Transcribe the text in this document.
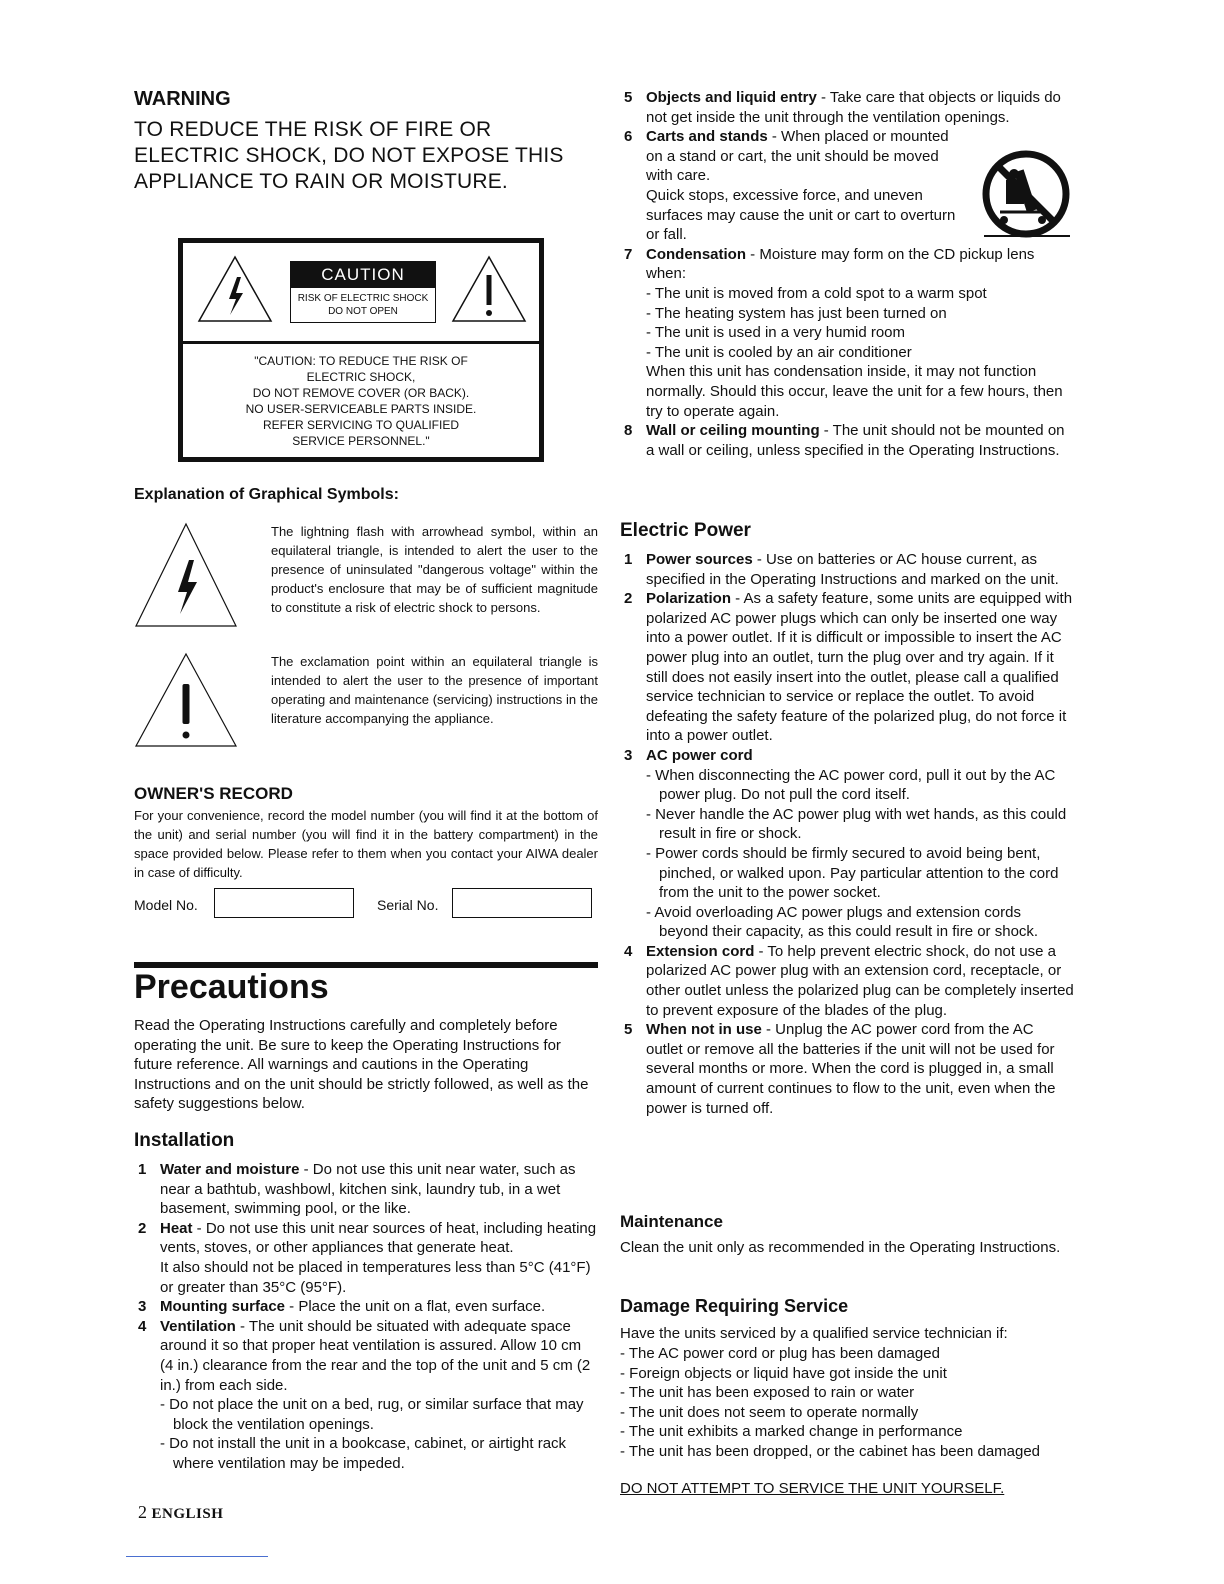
WARNING

TO REDUCE THE RISK OF FIRE OR ELECTRIC SHOCK, DO NOT EXPOSE THIS APPLIANCE TO RAIN OR MOISTURE.

CAUTION
RISK OF ELECTRIC SHOCK
DO NOT OPEN
"CAUTION: TO REDUCE THE RISK OF
ELECTRIC SHOCK,
DO NOT REMOVE COVER (OR BACK).
NO USER-SERVICEABLE PARTS INSIDE.
REFER SERVICING TO QUALIFIED
SERVICE PERSONNEL."
Explanation of Graphical Symbols:
The lightning flash with arrowhead symbol, within an equilateral triangle, is intended to alert the user to the presence of uninsulated "dangerous voltage" within the product's enclosure that may be of sufficient magnitude to constitute a risk of electric shock to persons.
The exclamation point within an equilateral triangle is intended to alert the user to the presence of important operating and maintenance (servicing) instructions in the literature accompanying the appliance.
OWNER'S RECORD

For your convenience, record the model number (you will find it at the bottom of the unit) and serial number (you will find it in the battery compartment) in the space provided below. Please refer to them when you contact your AIWA dealer in case of difficulty.

Model No.	Serial No.
Precautions

Read the Operating Instructions carefully and completely before operating the unit. Be sure to keep the Operating Instructions for future reference. All warnings and cautions in the Operating Instructions and on the unit should be strictly followed, as well as the safety suggestions below.

Installation
1 Water and moisture - Do not use this unit near water, such as near a bathtub, washbowl, kitchen sink, laundry tub, in a wet basement, swimming pool, or the like.
2 Heat - Do not use this unit near sources of heat, including heating vents, stoves, or other appliances that generate heat.
It also should not be placed in temperatures less than 5°C (41°F) or greater than 35°C (95°F).
3 Mounting surface - Place the unit on a flat, even surface.
4 Ventilation - The unit should be situated with adequate space around it so that proper heat ventilation is assured. Allow 10 cm (4 in.) clearance from the rear and the top of the unit and 5 cm (2 in.) from each side.
- Do not place the unit on a bed, rug, or similar surface that may block the ventilation openings.
- Do not install the unit in a bookcase, cabinet, or airtight rack where ventilation may be impeded.
2 ENGLISH
5 Objects and liquid entry - Take care that objects or liquids do not get inside the unit through the ventilation openings.
6 Carts and stands - When placed or mounted on a stand or cart, the unit should be moved with care.
Quick stops, excessive force, and uneven surfaces may cause the unit or cart to overturn or fall.
7 Condensation - Moisture may form on the CD pickup lens when:
- The unit is moved from a cold spot to a warm spot
- The heating system has just been turned on
- The unit is used in a very humid room
- The unit is cooled by an air conditioner
When this unit has condensation inside, it may not function normally. Should this occur, leave the unit for a few hours, then try to operate again.
8 Wall or ceiling mounting - The unit should not be mounted on a wall or ceiling, unless specified in the Operating Instructions.
Electric Power
1 Power sources - Use on batteries or AC house current, as specified in the Operating Instructions and marked on the unit.
2 Polarization - As a safety feature, some units are equipped with polarized AC power plugs which can only be inserted one way into a power outlet. If it is difficult or impossible to insert the AC power plug into an outlet, turn the plug over and try again. If it still does not easily insert into the outlet, please call a qualified service technician to service or replace the outlet. To avoid defeating the safety feature of the polarized plug, do not force it into a power outlet.
3 AC power cord
- When disconnecting the AC power cord, pull it out by the AC power plug. Do not pull the cord itself.
- Never handle the AC power plug with wet hands, as this could result in fire or shock.
- Power cords should be firmly secured to avoid being bent, pinched, or walked upon. Pay particular attention to the cord from the unit to the power socket.
- Avoid overloading AC power plugs and extension cords beyond their capacity, as this could result in fire or shock.
4 Extension cord - To help prevent electric shock, do not use a polarized AC power plug with an extension cord, receptacle, or other outlet unless the polarized plug can be completely inserted to prevent exposure of the blades of the plug.
5 When not in use - Unplug the AC power cord from the AC outlet or remove all the batteries if the unit will not be used for several months or more. When the cord is plugged in, a small amount of current continues to flow to the unit, even when the power is turned off.
Maintenance

Clean the unit only as recommended in the Operating Instructions.

Damage Requiring Service

Have the units serviced by a qualified service technician if:

- The AC power cord or plug has been damaged
- Foreign objects or liquid have got inside the unit
- The unit has been exposed to rain or water
- The unit does not seem to operate normally
- The unit exhibits a marked change in performance
- The unit has been dropped, or the cabinet has been damaged
DO NOT ATTEMPT TO SERVICE THE UNIT YOURSELF.
